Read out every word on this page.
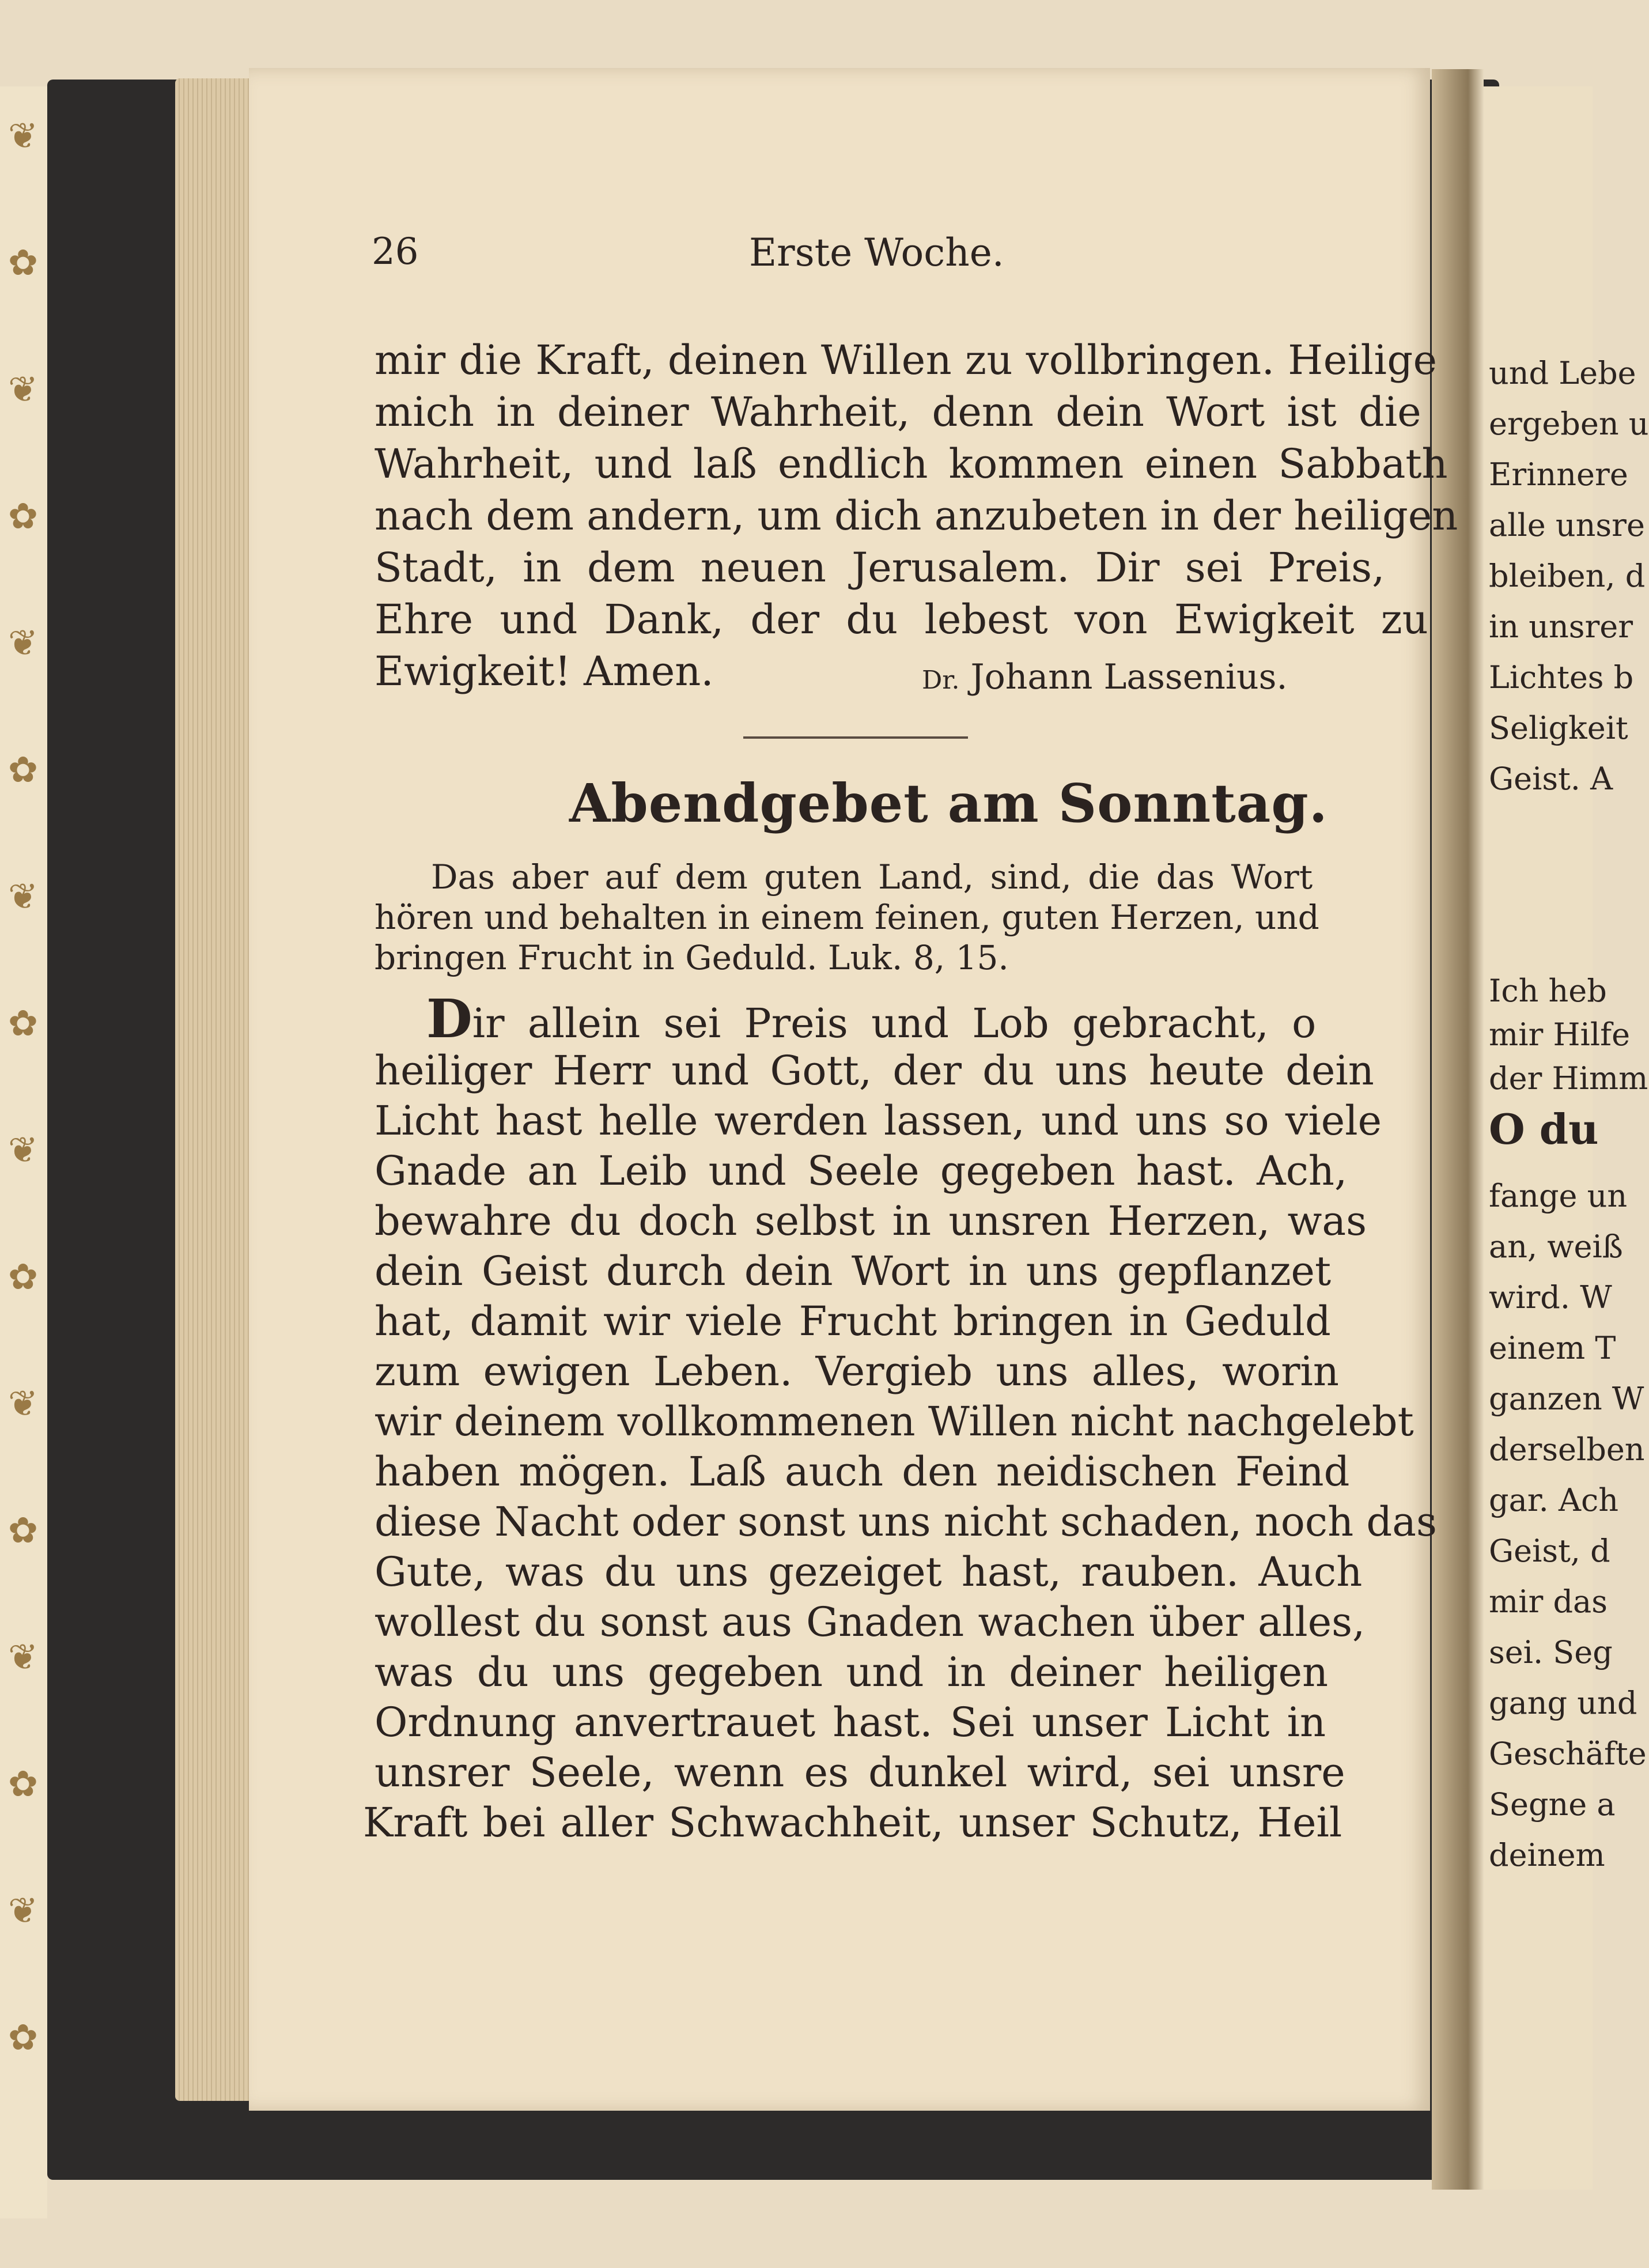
❦
✿
❦
✿
❦
✿
❦
✿
❦
✿
❦
✿
❦
✿
❦
✿
26	Erste Woche.
mir die Kraft, deinen Willen zu vollbringen. Heilige
mich in deiner Wahrheit, denn dein Wort ist die
Wahrheit, und laß endlich kommen einen Sabbath
nach dem andern, um dich anzubeten in der heiligen
Stadt, in dem neuen Jerusalem. Dir sei Preis,
Ehre und Dank, der du lebest von Ewigkeit zu
Ewigkeit! Amen.	Dr. Johann Lassenius.
Abendgebet am Sonntag.
Das aber auf dem guten Land, sind, die das Wort
hören und behalten in einem feinen, guten Herzen, und
bringen Frucht in Geduld. Luk. 8, 15.
Dir allein sei Preis und Lob gebracht, o
heiliger Herr und Gott, der du uns heute dein
Licht hast helle werden lassen, und uns so viele
Gnade an Leib und Seele gegeben hast. Ach,
bewahre du doch selbst in unsren Herzen, was
dein Geist durch dein Wort in uns gepflanzet
hat, damit wir viele Frucht bringen in Geduld
zum ewigen Leben. Vergieb uns alles, worin
wir deinem vollkommenen Willen nicht nachgelebt
haben mögen. Laß auch den neidischen Feind
diese Nacht oder sonst uns nicht schaden, noch das
Gute, was du uns gezeiget hast, rauben. Auch
wollest du sonst aus Gnaden wachen über alles,
was du uns gegeben und in deiner heiligen
Ordnung anvertrauet hast. Sei unser Licht in
unsrer Seele, wenn es dunkel wird, sei unsre
Kraft bei aller Schwachheit, unser Schutz, Heil
und Lebe
ergeben u
Erinnere
alle unsre
bleiben, d
in unsrer
Lichtes b
Seligkeit
Geist. A
Ich heb
mir Hilfe
der Himm
O du
fange un
an, weiß
wird. W
einem T
ganzen W
derselben
gar. Ach
Geist, d
mir das
sei. Seg
gang und
Geschäfte
Segne a
deinem
